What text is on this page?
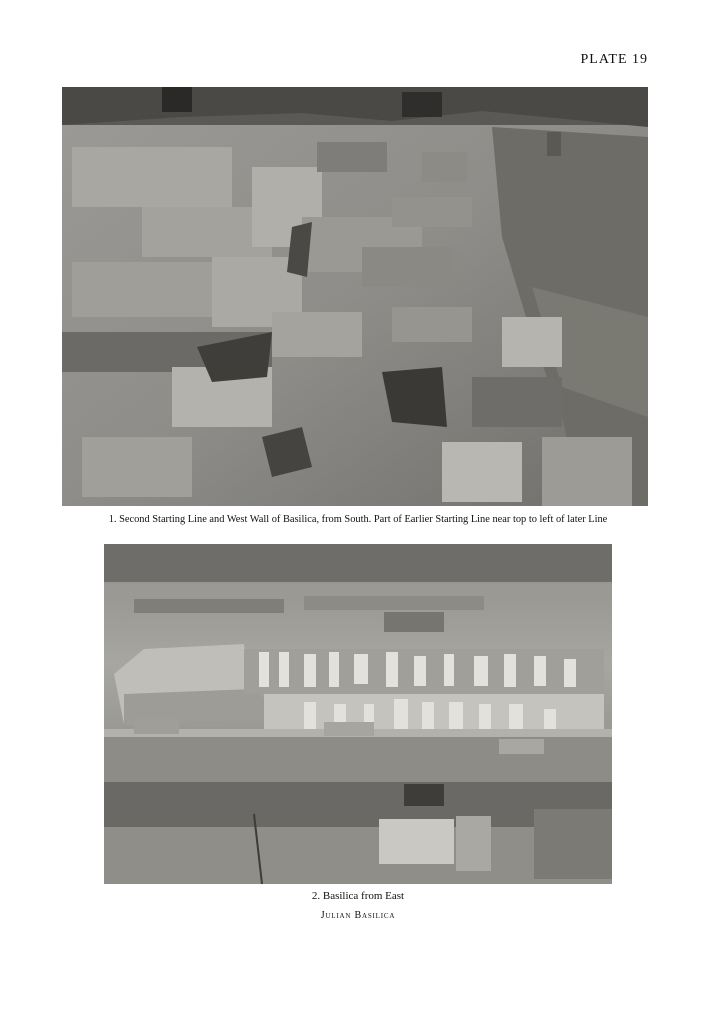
PLATE 19
1. Second Starting Line and West Wall of Basilica, from South. Part of Earlier Starting Line near top to left of later Line
2. Basilica from East
Julian Basilica
